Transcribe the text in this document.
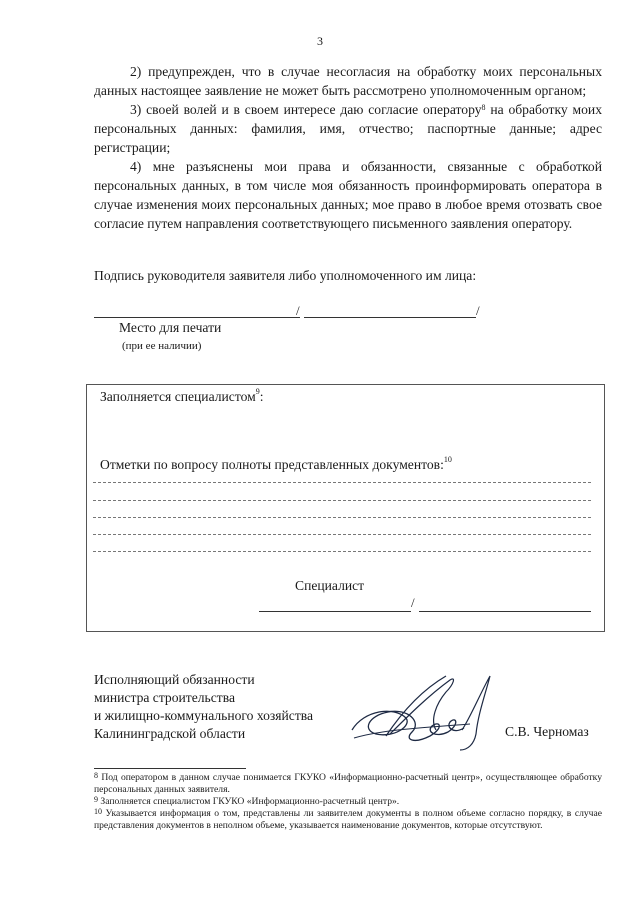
3

2) предупрежден, что в случае несогласия на обработку моих персональных данных настоящее заявление не может быть рассмотрено уполномоченным органом;

3) своей волей и в своем интересе даю согласие оператору$^8$ на обработку моих персональных данных: фамилия, имя, отчество; паспортные данные; адрес регистрации;

4) мне разъяснены мои права и обязанности, связанные с обработкой персональных данных, в том числе моя обязанность проинформировать оператора в случае изменения моих персональных данных; мое право в любое время отозвать свое согласие путем направления соответствующего письменного заявления оператору.

Подпись руководителя заявителя либо уполномоченного им лица:
/	/
Место для печати
(при ее наличии)
Заполняется специалистом$^9$:
Отметки по вопросу полноты представленных документов:$^{10}$
Специалист
/
Исполняющий обязанности
министра строительства
и жилищно-коммунального хозяйства
Калининградской области	С.В. Черномаз

$^8$ Под оператором в данном случае понимается ГКУКО «Информационно-расчетный центр», осуществляющее обработку персональных данных заявителя.

$^9$ Заполняется специалистом ГКУКО «Информационно-расчетный центр».

$^{10}$ Указывается информация о том, представлены ли заявителем документы в полном объеме согласно порядку, в случае представления документов в неполном объеме, указывается наименование документов, которые отсутствуют.
